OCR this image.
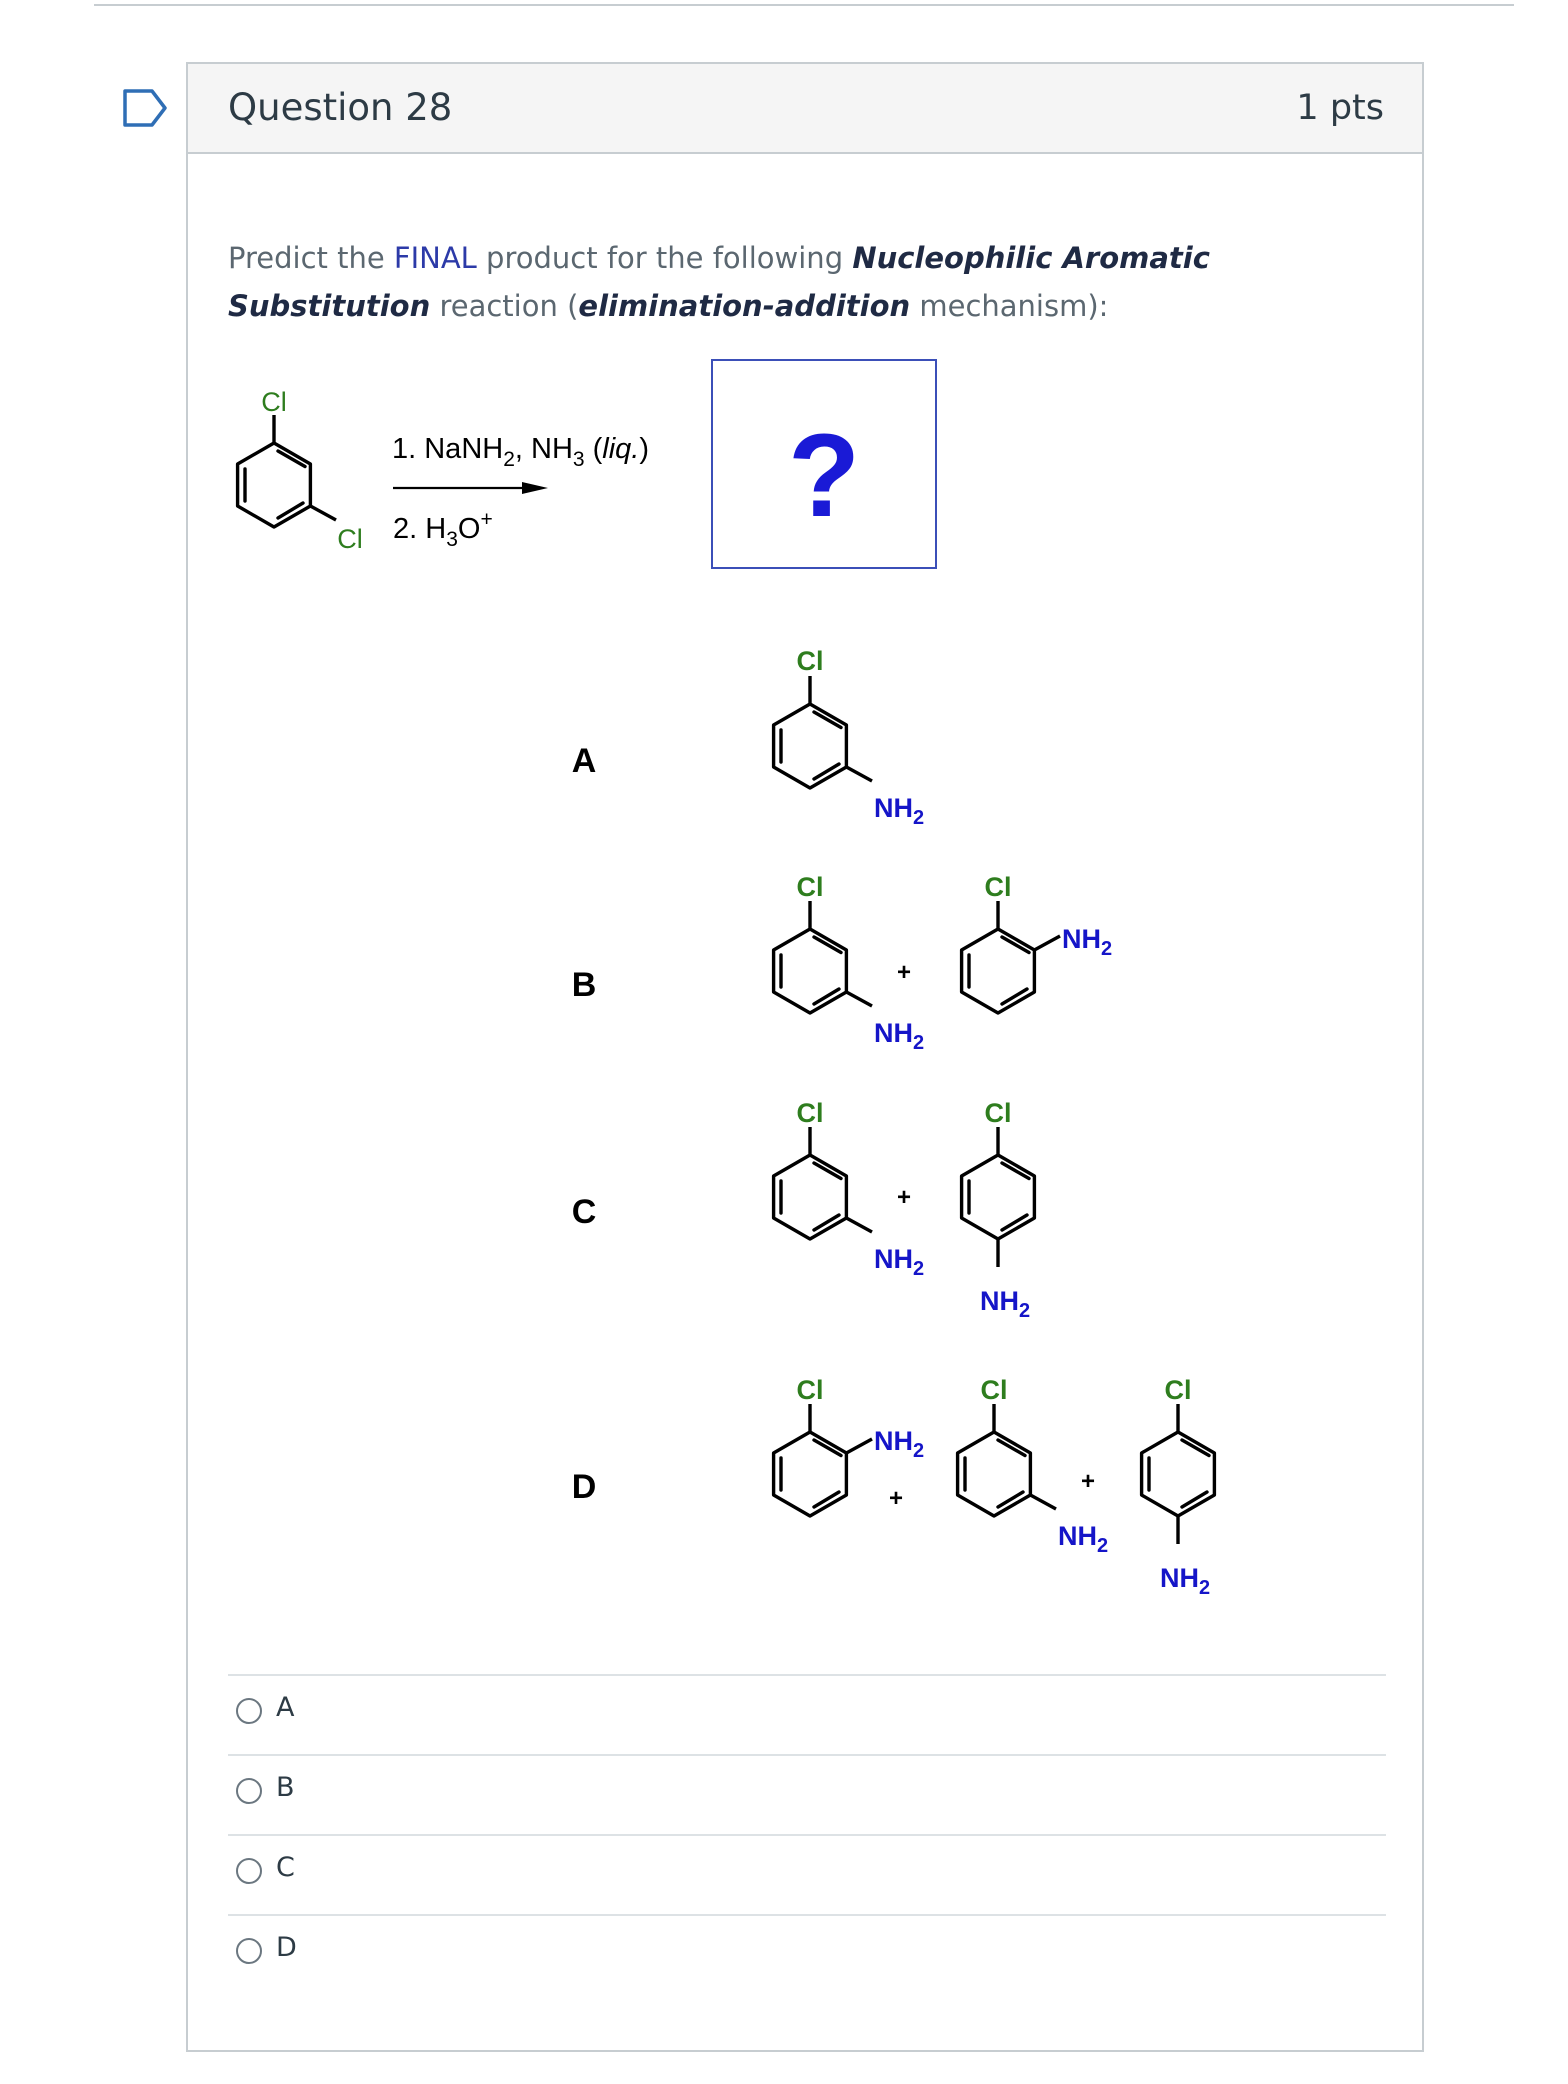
Question 28	1 pts
Predict the FINAL product for the following Nucleophilic Aromatic Substitution reaction (elimination-addition mechanism):
Cl
Cl
1. NaNH$_2$, $NH_3$ (liq.)
2. $H_3O^+$	?
A
B
C
D
Cl
$NH_2$
Cl
$NH_2$
+
Cl
$NH_2$
Cl
$NH_2$
+
Cl
$NH_2$
Cl
$NH_2$
+
Cl
$NH_2$
+
Cl
$NH_2$
A
B
C
D
